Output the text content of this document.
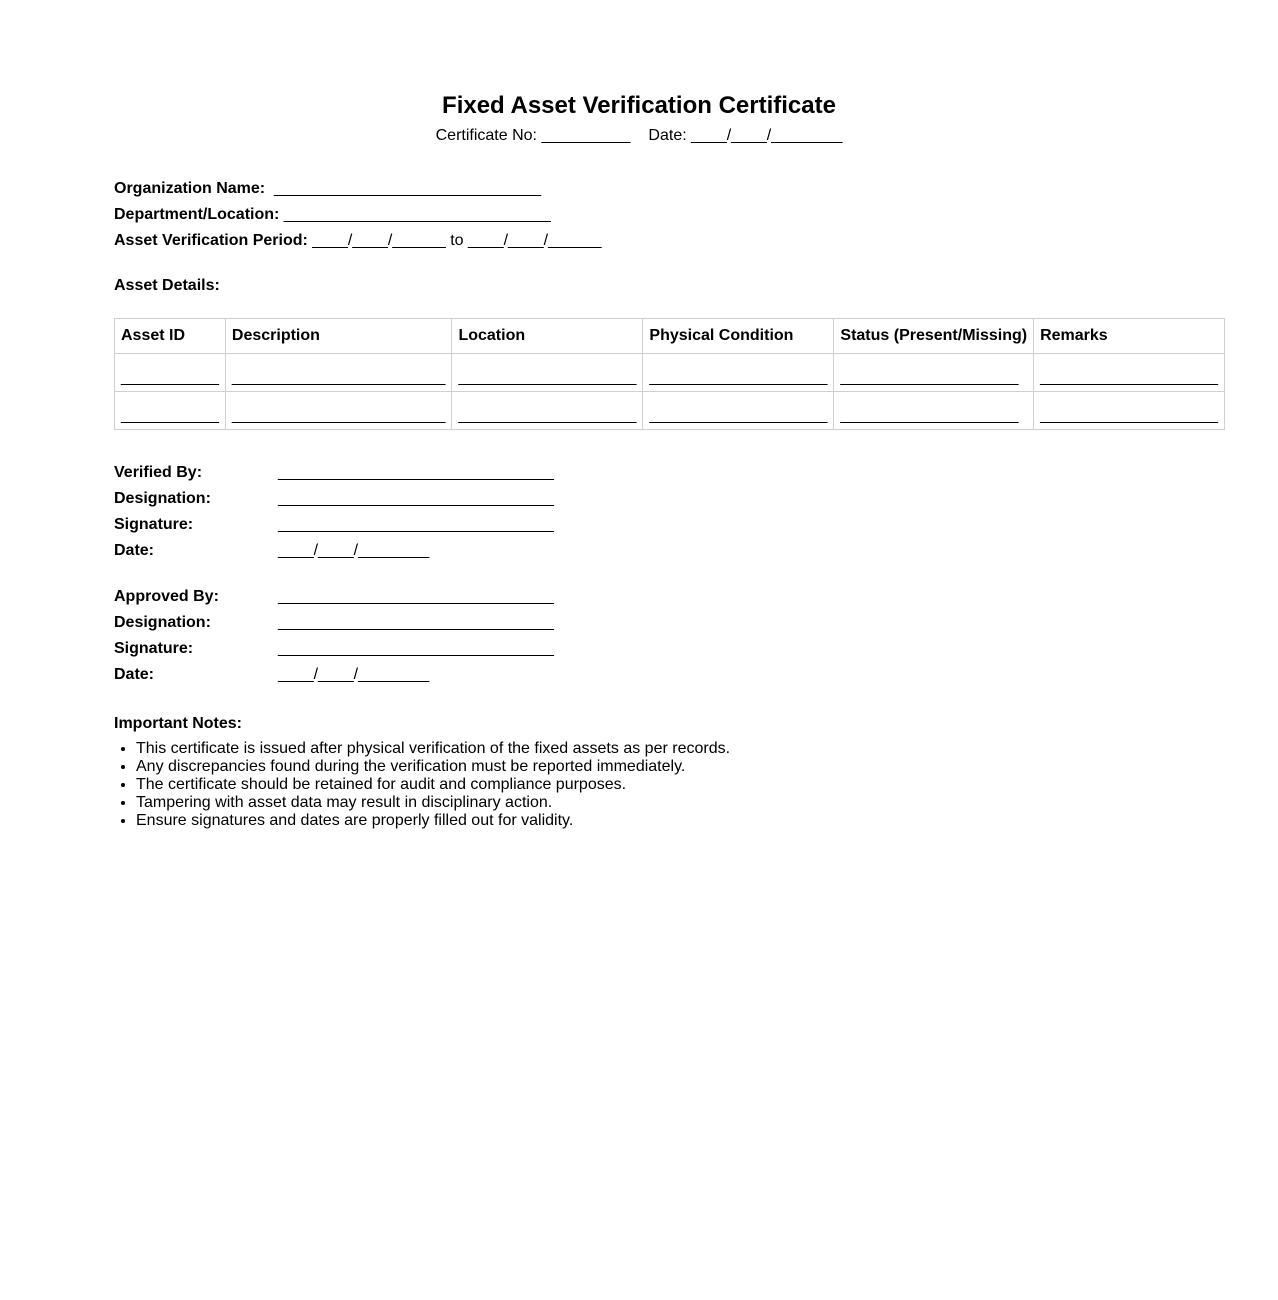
Fixed Asset Verification Certificate
Certificate No: __________ Date: ____/____/________
Organization Name: ______________________________
Department/Location: ______________________________
Asset Verification Period: ____/____/______ to ____/____/______
Asset Details:
Asset ID	Description	Location	Physical Condition	Status (Present/Missing)	Remarks

___________	________________________	____________________	____________________	____________________	____________________

___________	________________________	____________________	____________________	____________________	____________________
Verified By:	_______________________________
Designation:	_______________________________
Signature:	_______________________________
Date:	____/____/________
Approved By:	_______________________________
Designation:	_______________________________
Signature:	_______________________________
Date:	____/____/________
Important Notes:
• This certificate is issued after physical verification of the fixed assets as per records.
• Any discrepancies found during the verification must be reported immediately.
• The certificate should be retained for audit and compliance purposes.
• Tampering with asset data may result in disciplinary action.
• Ensure signatures and dates are properly filled out for validity.
